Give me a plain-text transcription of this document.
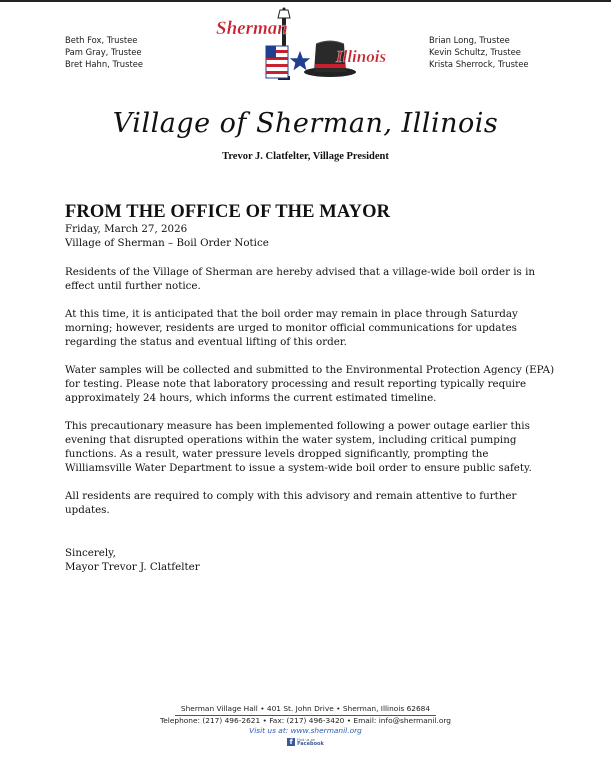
Beth Fox, Trustee
Pam Gray, Trustee
Bret Hahn, Trustee
Brian Long, Trustee
Kevin Schultz, Trustee
Krista Sherrock, Trustee
Sherman
Illinois
Village of Sherman, Illinois
Trevor J. Clatfelter, Village President
FROM THE OFFICE OF THE MAYOR
Friday, March 27, 2026
Village of Sherman – Boil Order Notice

Residents of the Village of Sherman are hereby advised that a village-wide boil order is in effect until further notice.

At this time, it is anticipated that the boil order may remain in place through Saturday morning; however, residents are urged to monitor official communications for updates regarding the status and eventual lifting of this order.

Water samples will be collected and submitted to the Environmental Protection Agency (EPA) for testing. Please note that laboratory processing and result reporting typically require approximately 24 hours, which informs the current estimated timeline.

This precautionary measure has been implemented following a power outage earlier this evening that disrupted operations within the water system, including critical pumping functions. As a result, water pressure levels dropped significantly, prompting the Williamsville Water Department to issue a system-wide boil order to ensure public safety.

All residents are required to comply with this advisory and remain attentive to further updates.

Sincerely,
Mayor Trevor J. Clatfelter
Sherman Village Hall • 401 St. John Drive • Sherman, Illinois 62684
Telephone: (217) 496-2621 • Fax: (217) 496-3420 • Email: info@shermanil.org
Visit us at: www.shermanil.org
f	Find us on
Facebook
